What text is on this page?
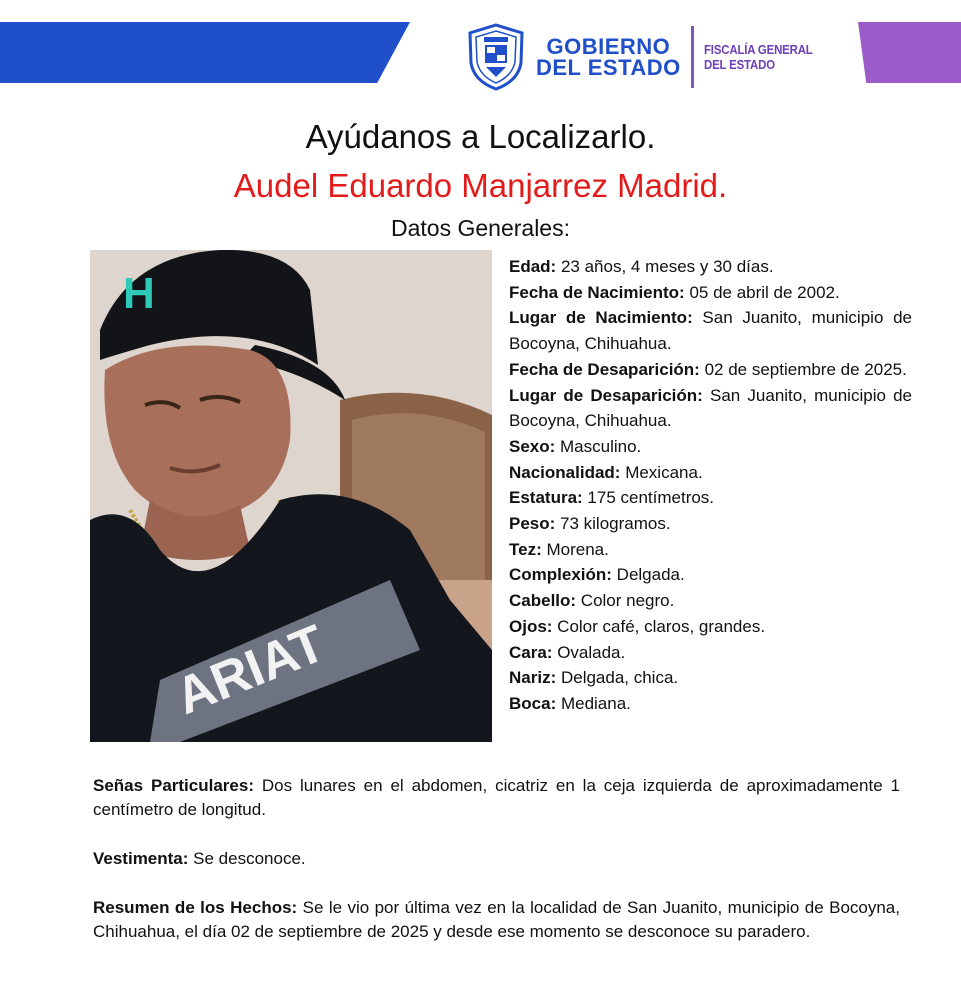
GOBIERNO
DEL ESTADO
FISCALÍA GENERAL
DEL ESTADO
Ayúdanos a Localizarlo.
Audel Eduardo Manjarrez Madrid.
Datos Generales:
H
ARIAT

Edad: 23 años, 4 meses y 30 días.

Fecha de Nacimiento: 05 de abril de 2002.

Lugar de Nacimiento: San Juanito, municipio de Bocoyna, Chihuahua.

Fecha de Desaparición: 02 de septiembre de 2025.

Lugar de Desaparición: San Juanito, municipio de Bocoyna, Chihuahua.

Sexo: Masculino.

Nacionalidad: Mexicana.

Estatura: 175 centímetros.

Peso: 73 kilogramos.

Tez: Morena.

Complexión: Delgada.

Cabello: Color negro.

Ojos: Color café, claros, grandes.

Cara: Ovalada.

Nariz: Delgada, chica.

Boca: Mediana.

Señas Particulares: Dos lunares en el abdomen, cicatriz en la ceja izquierda de aproximadamente 1 centímetro de longitud.

Vestimenta: Se desconoce.

Resumen de los Hechos: Se le vio por última vez en la localidad de San Juanito, municipio de Bocoyna, Chihuahua, el día 02 de septiembre de 2025 y desde ese momento se desconoce su paradero.
